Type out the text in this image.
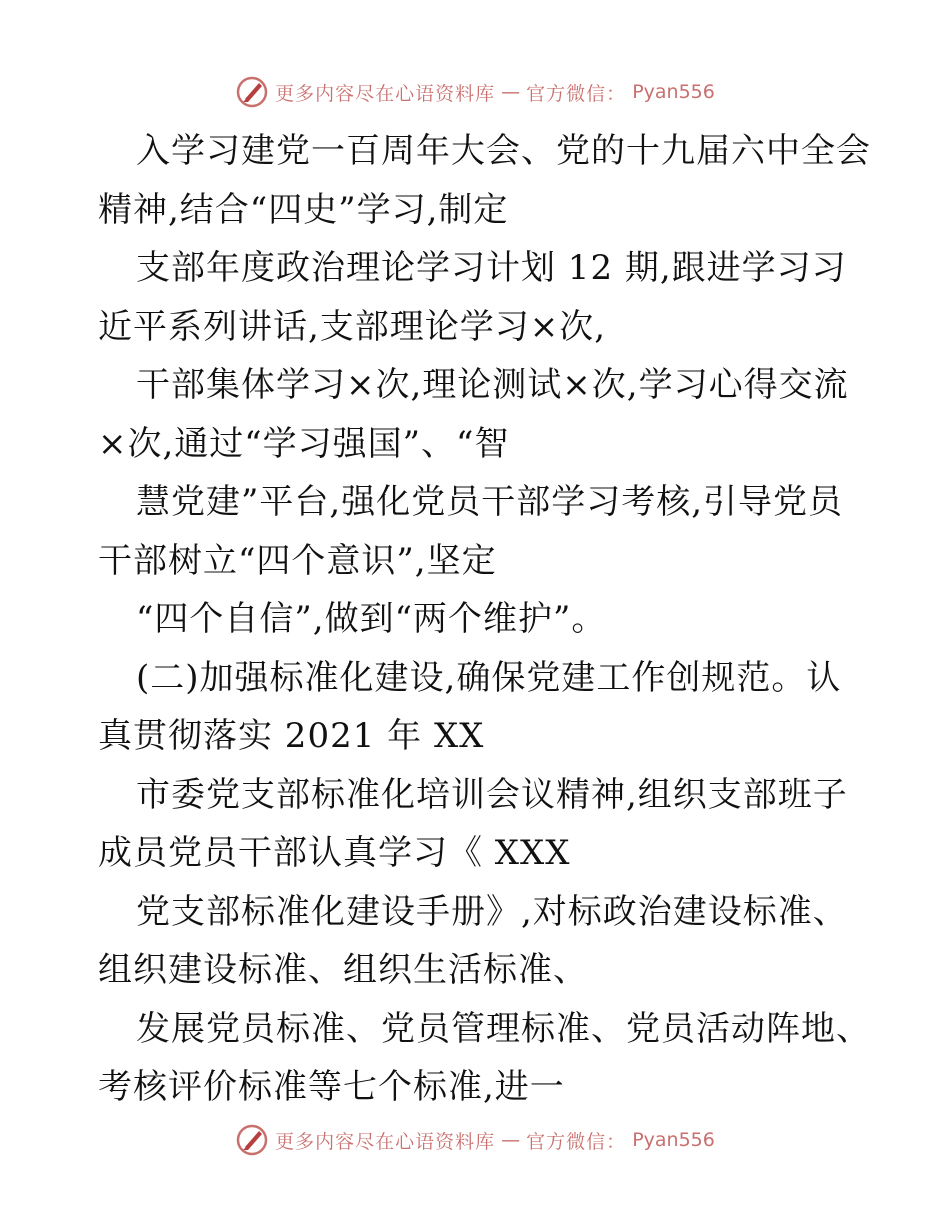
更多内容尽在心语资料库 — 官方微信： Pyan556
入学习建党一百周年大会、党的十九届六中全会
精神,结合“四史”学习,制定
支部年度政治理论学习计划 12 期,跟进学习习
近平系列讲话,支部理论学习×次,
干部集体学习×次,理论测试×次,学习心得交流
×次,通过“学习强国”、“智
慧党建”平台,强化党员干部学习考核,引导党员
干部树立“四个意识”,坚定
“四个自信”,做到“两个维护”。
(二)加强标准化建设,确保党建工作创规范。认
真贯彻落实 2021 年 XX
市委党支部标准化培训会议精神,组织支部班子
成员党员干部认真学习《 XXX
党支部标准化建设手册》,对标政治建设标准、
组织建设标准、组织生活标准、
发展党员标准、党员管理标准、党员活动阵地、
考核评价标准等七个标准,进一
更多内容尽在心语资料库 — 官方微信： Pyan556
